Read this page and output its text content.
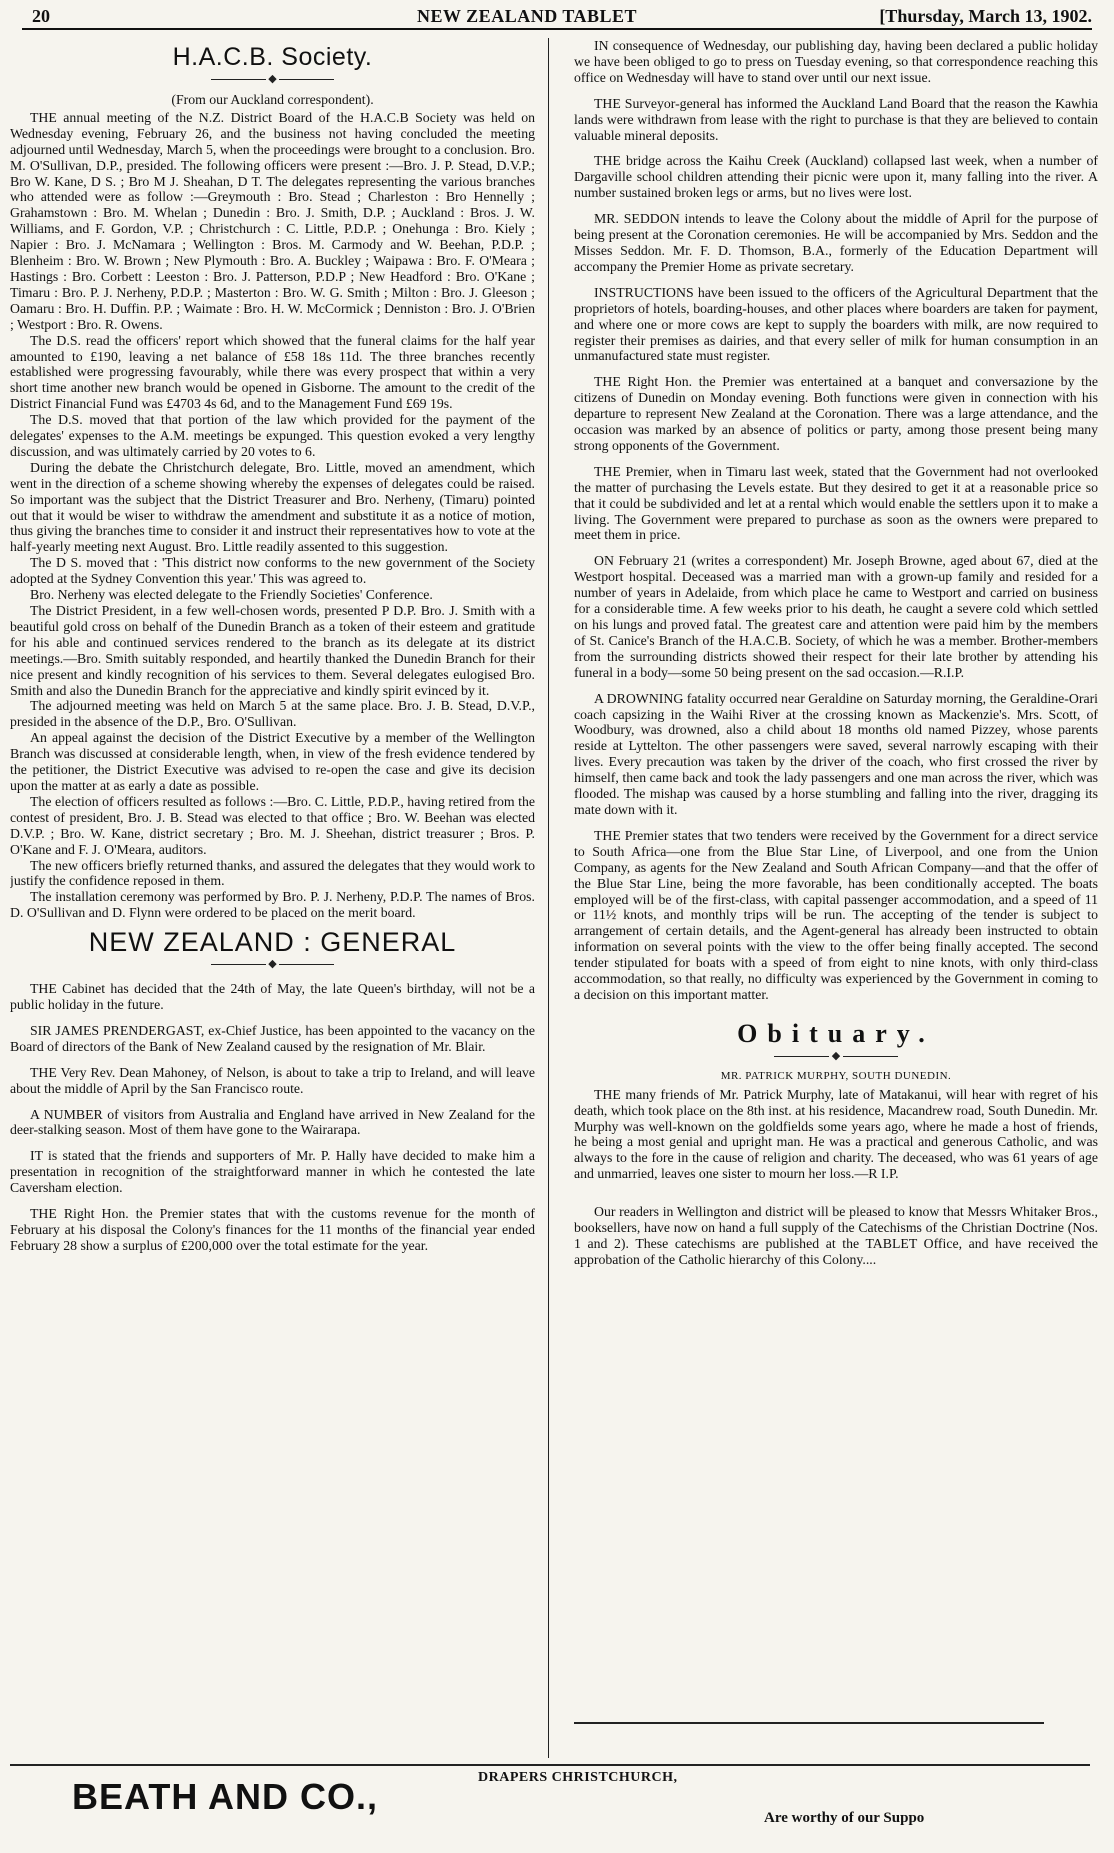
20	NEW ZEALAND TABLET	[Thursday, March 13, 1902.
H.A.C.B. Society.
◆

(From our Auckland correspondent).

THE annual meeting of the N.Z. District Board of the H.A.C.B Society was held on Wednesday evening, February 26, and the business not having concluded the meeting adjourned until Wednesday, March 5, when the proceedings were brought to a conclusion. Bro. M. O'Sullivan, D.P., presided. The following officers were present :—Bro. J. P. Stead, D.V.P.; Bro W. Kane, D S. ; Bro M J. Sheahan, D T. The delegates representing the various branches who attended were as follow :—Greymouth : Bro. Stead ; Charleston : Bro Hennelly ; Grahamstown : Bro. M. Whelan ; Dunedin : Bro. J. Smith, D.P. ; Auckland : Bros. J. W. Williams, and F. Gordon, V.P. ; Christchurch : C. Little, P.D.P. ; Onehunga : Bro. Kiely ; Napier : Bro. J. McNamara ; Wellington : Bros. M. Carmody and W. Beehan, P.D.P. ; Blenheim : Bro. W. Brown ; New Plymouth : Bro. A. Buckley ; Waipawa : Bro. F. O'Meara ; Hastings : Bro. Corbett : Leeston : Bro. J. Patterson, P.D.P ; New Headford : Bro. O'Kane ; Timaru : Bro. P. J. Nerheny, P.D.P. ; Masterton : Bro. W. G. Smith ; Milton : Bro. J. Gleeson ; Oamaru : Bro. H. Duffin. P.P. ; Waimate : Bro. H. W. McCormick ; Denniston : Bro. J. O'Brien ; Westport : Bro. R. Owens.

The D.S. read the officers' report which showed that the funeral claims for the half year amounted to £190, leaving a net balance of £58 18s 11d. The three branches recently established were progressing favourably, while there was every prospect that within a very short time another new branch would be opened in Gisborne. The amount to the credit of the District Financial Fund was £4703 4s 6d, and to the Management Fund £69 19s.

The D.S. moved that that portion of the law which provided for the payment of the delegates' expenses to the A.M. meetings be expunged. This question evoked a very lengthy discussion, and was ultimately carried by 20 votes to 6.

During the debate the Christchurch delegate, Bro. Little, moved an amendment, which went in the direction of a scheme showing whereby the expenses of delegates could be raised. So important was the subject that the District Treasurer and Bro. Nerheny, (Timaru) pointed out that it would be wiser to withdraw the amendment and substitute it as a notice of motion, thus giving the branches time to consider it and instruct their representatives how to vote at the half-yearly meeting next August. Bro. Little readily assented to this suggestion.

The D S. moved that : 'This district now conforms to the new government of the Society adopted at the Sydney Convention this year.' This was agreed to.

Bro. Nerheny was elected delegate to the Friendly Societies' Conference.

The District President, in a few well-chosen words, presented P D.P. Bro. J. Smith with a beautiful gold cross on behalf of the Dunedin Branch as a token of their esteem and gratitude for his able and continued services rendered to the branch as its delegate at its district meetings.—Bro. Smith suitably responded, and heartily thanked the Dunedin Branch for their nice present and kindly recognition of his services to them. Several delegates eulogised Bro. Smith and also the Dunedin Branch for the appreciative and kindly spirit evinced by it.

The adjourned meeting was held on March 5 at the same place. Bro. J. B. Stead, D.V.P., presided in the absence of the D.P., Bro. O'Sullivan.

An appeal against the decision of the District Executive by a member of the Wellington Branch was discussed at considerable length, when, in view of the fresh evidence tendered by the petitioner, the District Executive was advised to re-open the case and give its decision upon the matter at as early a date as possible.

The election of officers resulted as follows :—Bro. C. Little, P.D.P., having retired from the contest of president, Bro. J. B. Stead was elected to that office ; Bro. W. Beehan was elected D.V.P. ; Bro. W. Kane, district secretary ; Bro. M. J. Sheehan, district treasurer ; Bros. P. O'Kane and F. J. O'Meara, auditors.

The new officers briefly returned thanks, and assured the delegates that they would work to justify the confidence reposed in them.

The installation ceremony was performed by Bro. P. J. Nerheny, P.D.P. The names of Bros. D. O'Sullivan and D. Flynn were ordered to be placed on the merit board.

NEW ZEALAND : GENERAL
◆

THE Cabinet has decided that the 24th of May, the late Queen's birthday, will not be a public holiday in the future.

SIR JAMES PRENDERGAST, ex-Chief Justice, has been appointed to the vacancy on the Board of directors of the Bank of New Zealand caused by the resignation of Mr. Blair.

THE Very Rev. Dean Mahoney, of Nelson, is about to take a trip to Ireland, and will leave about the middle of April by the San Francisco route.

A NUMBER of visitors from Australia and England have arrived in New Zealand for the deer-stalking season. Most of them have gone to the Wairarapa.

IT is stated that the friends and supporters of Mr. P. Hally have decided to make him a presentation in recognition of the straightforward manner in which he contested the late Caversham election.

THE Right Hon. the Premier states that with the customs revenue for the month of February at his disposal the Colony's finances for the 11 months of the financial year ended February 28 show a surplus of £200,000 over the total estimate for the year.

IN consequence of Wednesday, our publishing day, having been declared a public holiday we have been obliged to go to press on Tuesday evening, so that correspondence reaching this office on Wednesday will have to stand over until our next issue.

THE Surveyor-general has informed the Auckland Land Board that the reason the Kawhia lands were withdrawn from lease with the right to purchase is that they are believed to contain valuable mineral deposits.

THE bridge across the Kaihu Creek (Auckland) collapsed last week, when a number of Dargaville school children attending their picnic were upon it, many falling into the river. A number sustained broken legs or arms, but no lives were lost.

MR. SEDDON intends to leave the Colony about the middle of April for the purpose of being present at the Coronation ceremonies. He will be accompanied by Mrs. Seddon and the Misses Seddon. Mr. F. D. Thomson, B.A., formerly of the Education Department will accompany the Premier Home as private secretary.

INSTRUCTIONS have been issued to the officers of the Agricultural Department that the proprietors of hotels, boarding-houses, and other places where boarders are taken for payment, and where one or more cows are kept to supply the boarders with milk, are now required to register their premises as dairies, and that every seller of milk for human consumption in an unmanufactured state must register.

THE Right Hon. the Premier was entertained at a banquet and conversazione by the citizens of Dunedin on Monday evening. Both functions were given in connection with his departure to represent New Zealand at the Coronation. There was a large attendance, and the occasion was marked by an absence of politics or party, among those present being many strong opponents of the Government.

THE Premier, when in Timaru last week, stated that the Government had not overlooked the matter of purchasing the Levels estate. But they desired to get it at a reasonable price so that it could be subdivided and let at a rental which would enable the settlers upon it to make a living. The Government were prepared to purchase as soon as the owners were prepared to meet them in price.

ON February 21 (writes a correspondent) Mr. Joseph Browne, aged about 67, died at the Westport hospital. Deceased was a married man with a grown-up family and resided for a number of years in Adelaide, from which place he came to Westport and carried on business for a considerable time. A few weeks prior to his death, he caught a severe cold which settled on his lungs and proved fatal. The greatest care and attention were paid him by the members of St. Canice's Branch of the H.A.C.B. Society, of which he was a member. Brother-members from the surrounding districts showed their respect for their late brother by attending his funeral in a body—some 50 being present on the sad occasion.—R.I.P.

A DROWNING fatality occurred near Geraldine on Saturday morning, the Geraldine-Orari coach capsizing in the Waihi River at the crossing known as Mackenzie's. Mrs. Scott, of Woodbury, was drowned, also a child about 18 months old named Pizzey, whose parents reside at Lyttelton. The other passengers were saved, several narrowly escaping with their lives. Every precaution was taken by the driver of the coach, who first crossed the river by himself, then came back and took the lady passengers and one man across the river, which was flooded. The mishap was caused by a horse stumbling and falling into the river, dragging its mate down with it.

THE Premier states that two tenders were received by the Government for a direct service to South Africa—one from the Blue Star Line, of Liverpool, and one from the Union Company, as agents for the New Zealand and South African Company—and that the offer of the Blue Star Line, being the more favorable, has been conditionally accepted. The boats employed will be of the first-class, with capital passenger accommodation, and a speed of 11 or 11½ knots, and monthly trips will be run. The accepting of the tender is subject to arrangement of certain details, and the Agent-general has already been instructed to obtain information on several points with the view to the offer being finally accepted. The second tender stipulated for boats with a speed of from eight to nine knots, with only third-class accommodation, so that really, no difficulty was experienced by the Government in coming to a decision on this important matter.

Obituary.
◆

MR. PATRICK MURPHY, SOUTH DUNEDIN.

THE many friends of Mr. Patrick Murphy, late of Matakanui, will hear with regret of his death, which took place on the 8th inst. at his residence, Macandrew road, South Dunedin. Mr. Murphy was well-known on the goldfields some years ago, where he made a host of friends, he being a most genial and upright man. He was a practical and generous Catholic, and was always to the fore in the cause of religion and charity. The deceased, who was 61 years of age and unmarried, leaves one sister to mourn her loss.—R I.P.

Our readers in Wellington and district will be pleased to know that Messrs Whitaker Bros., booksellers, have now on hand a full supply of the Catechisms of the Christian Doctrine (Nos. 1 and 2). These catechisms are published at the TABLET Office, and have received the approbation of the Catholic hierarchy of this Colony....

BEATH AND CO.,	DRAPERS CHRISTCHURCH,
Are worthy of our Suppo
